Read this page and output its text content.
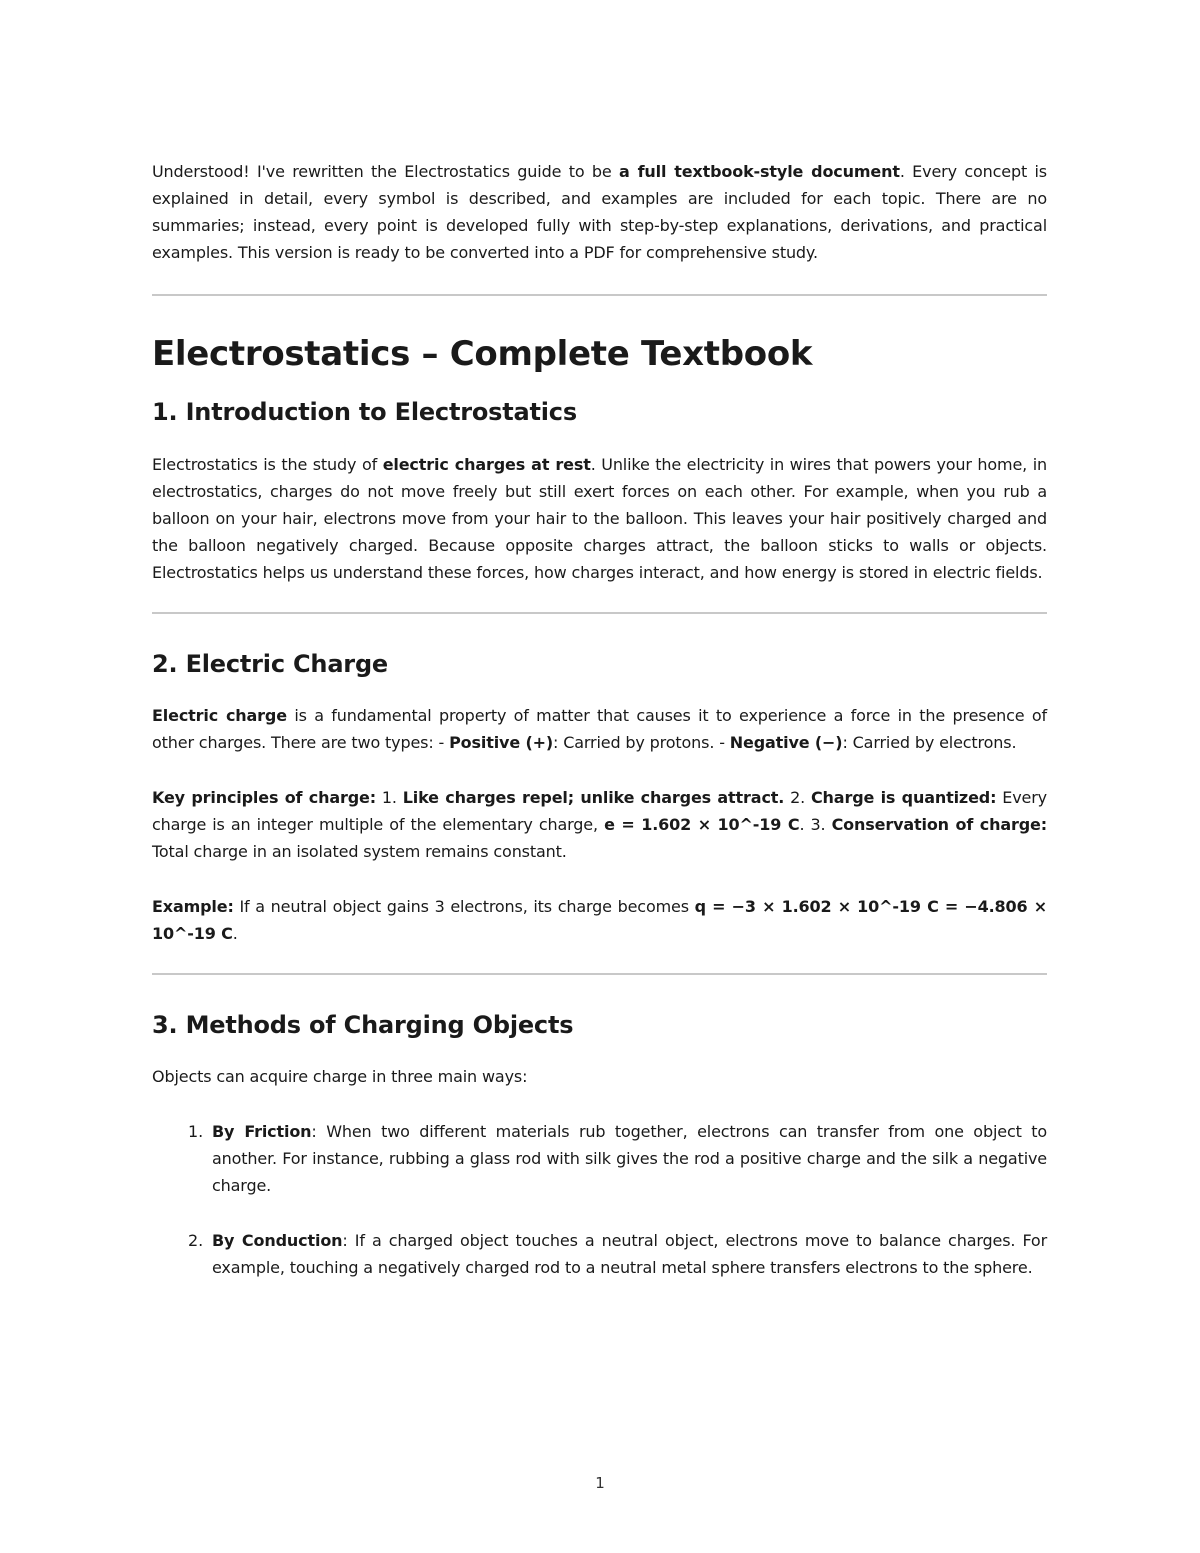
Understood! I've rewritten the Electrostatics guide to be a full textbook-style document. Every concept is explained in detail, every symbol is described, and examples are included for each topic. There are no summaries; instead, every point is developed fully with step-by-step explanations, derivations, and practical examples. This version is ready to be converted into a PDF for comprehensive study.

Electrostatics – Complete Textbook
1. Introduction to Electrostatics

Electrostatics is the study of electric charges at rest. Unlike the electricity in wires that powers your home, in electrostatics, charges do not move freely but still exert forces on each other. For example, when you rub a balloon on your hair, electrons move from your hair to the balloon. This leaves your hair positively charged and the balloon negatively charged. Because opposite charges attract, the balloon sticks to walls or objects. Electrostatics helps us understand these forces, how charges interact, and how energy is stored in electric fields.

2. Electric Charge

Electric charge is a fundamental property of matter that causes it to experience a force in the presence of other charges. There are two types: - Positive (+): Carried by protons. - Negative (−): Carried by electrons.

Key principles of charge: 1. Like charges repel; unlike charges attract. 2. Charge is quantized: Every charge is an integer multiple of the elementary charge, e = 1.602 × 10^-19 C. 3. Conservation of charge: Total charge in an isolated system remains constant.

Example: If a neutral object gains 3 electrons, its charge becomes q = −3 × 1.602 × 10^-19 C = −4.806 × 10^-19 C.

3. Methods of Charging Objects

Objects can acquire charge in three main ways:

1. By Friction: When two different materials rub together, electrons can transfer from one object to another. For instance, rubbing a glass rod with silk gives the rod a positive charge and the silk a negative charge.

2. By Conduction: If a charged object touches a neutral object, electrons move to balance charges. For example, touching a negatively charged rod to a neutral metal sphere transfers electrons to the sphere.

1
